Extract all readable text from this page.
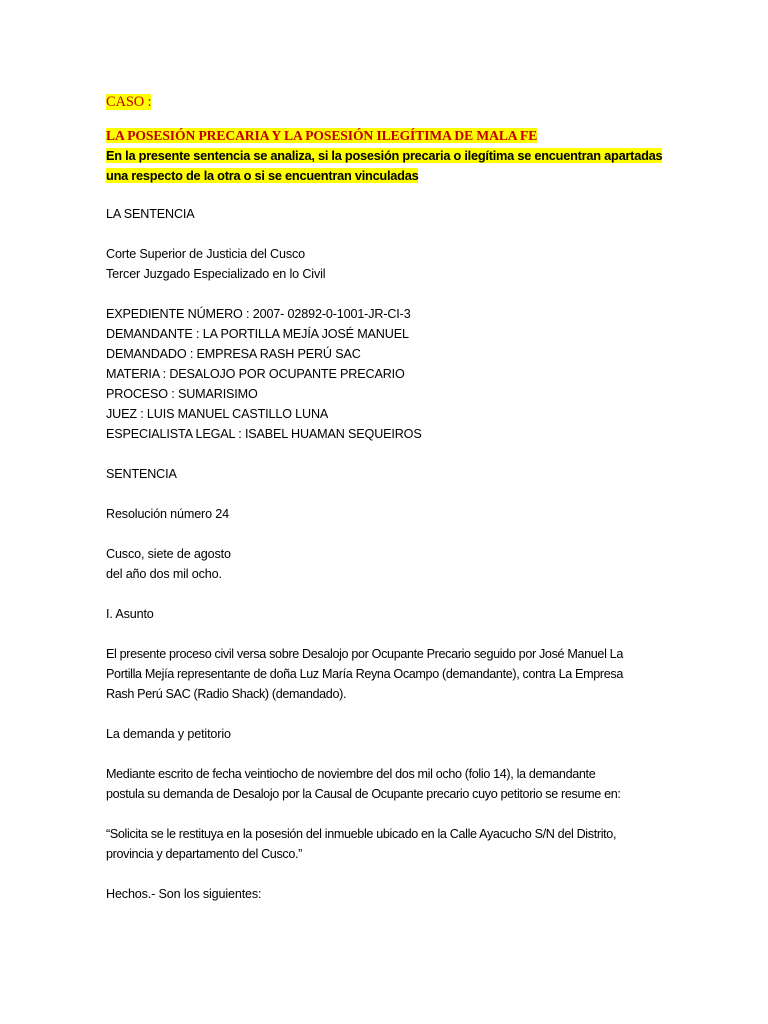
CASO :
LA POSESIÓN PRECARIA Y LA POSESIÓN ILEGÍTIMA DE MALA FE
En la presente sentencia se analiza, si la posesión precaria o ilegítima se encuentran apartadas
una respecto de la otra o si se encuentran vinculadas
LA SENTENCIA
Corte Superior de Justicia del Cusco
Tercer Juzgado Especializado en lo Civil
EXPEDIENTE NÚMERO : 2007- 02892-0-1001-JR-CI-3
DEMANDANTE : LA PORTILLA MEJÍA JOSÉ MANUEL
DEMANDADO : EMPRESA RASH PERÚ SAC
MATERIA : DESALOJO POR OCUPANTE PRECARIO
PROCESO : SUMARISIMO
JUEZ : LUIS MANUEL CASTILLO LUNA
ESPECIALISTA LEGAL : ISABEL HUAMAN SEQUEIROS
SENTENCIA
Resolución número 24
Cusco, siete de agosto
del año dos mil ocho.
I. Asunto
El presente proceso civil versa sobre Desalojo por Ocupante Precario seguido por José Manuel La
Portilla Mejía representante de doña Luz María Reyna Ocampo (demandante), contra La Empresa
Rash Perú SAC (Radio Shack) (demandado).
La demanda y petitorio
Mediante escrito de fecha veintiocho de noviembre del dos mil ocho (folio 14), la demandante
postula su demanda de Desalojo por la Causal de Ocupante precario cuyo petitorio se resume en:
“Solicita se le restituya en la posesión del inmueble ubicado en la Calle Ayacucho S/N del Distrito,
provincia y departamento del Cusco.”
Hechos.- Son los siguientes:
